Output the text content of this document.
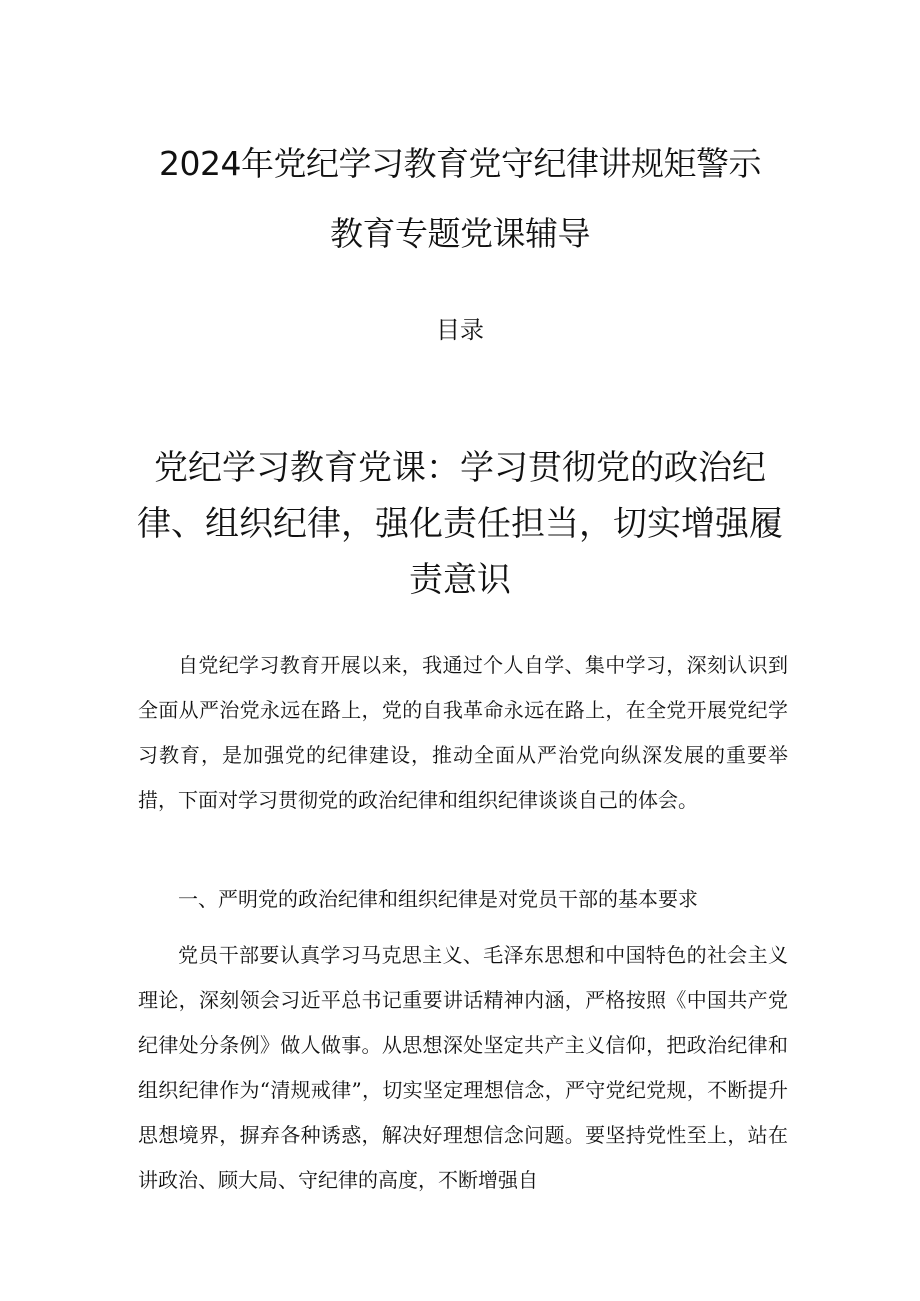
2024年党纪学习教育党守纪律讲规矩警示
教育专题党课辅导
目录
党纪学习教育党课：学习贯彻党的政治纪律、组织纪律，强化责任担当，切实增强履责意识

自党纪学习教育开展以来，我通过个人自学、集中学习，深刻认识到全面从严治党永远在路上，党的自我革命永远在路上，在全党开展党纪学习教育，是加强党的纪律建设，推动全面从严治党向纵深发展的重要举措，下面对学习贯彻党的政治纪律和组织纪律谈谈自己的体会。

一、严明党的政治纪律和组织纪律是对党员干部的基本要求

党员干部要认真学习马克思主义、毛泽东思想和中国特色的社会主义理论，深刻领会习近平总书记重要讲话精神内涵，严格按照《中国共产党纪律处分条例》做人做事。从思想深处坚定共产主义信仰，把政治纪律和组织纪律作为“清规戒律”，切实坚定理想信念，严守党纪党规，不断提升思想境界，摒弃各种诱惑，解决好理想信念问题。要坚持党性至上，站在讲政治、顾大局、守纪律的高度，不断增强自
